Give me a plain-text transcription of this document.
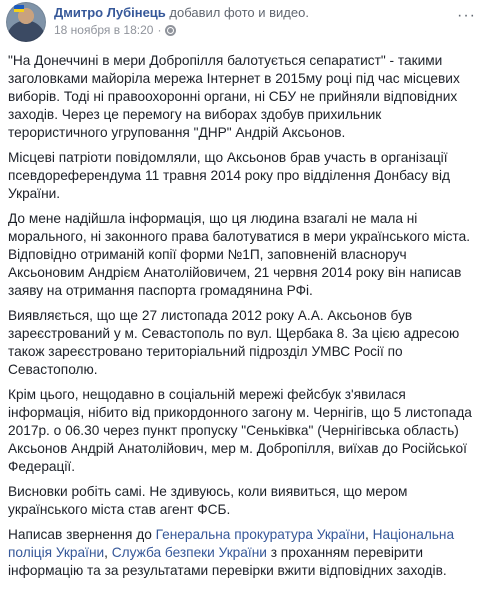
Дмитро Лубінець добавил фото и видео.
18 ноября в 18:20 ·
···

"На Донеччині в мери Добропілля балотується сепаратист" - такими заголовками майоріла мережа Інтернет в 2015му році під час місцевих виборів. Тоді ні правоохоронні органи, ні СБУ не прийняли відповідних заходів. Через це перемогу на виборах здобув прихильник терористичного угруповання "ДНР" Андрій Аксьонов.

Місцеві патріоти повідомляли, що Аксьонов брав участь в організації псевдореферендума 11 травня 2014 року про відділення Донбасу від України.

До мене надійшла інформація, що ця людина взагалі не мала ні морального, ні законного права балотуватися в мери українського міста. Відповідно отриманій копії форми №1П, заповненій власноруч Аксьоновим Андрієм Анатолійовичем, 21 червня 2014 року він написав заяву на отримання паспорта громадянина РФі.

Виявляється, що ще 27 листопада 2012 року А.А. Аксьонов був зареєстрований у м. Севастополь по вул. Щербака 8. За цією адресою також зареєстровано територіальний підрозділ УМВС Росії по Севастополю.

Крім цього, нещодавно в соціальній мережі фейсбук з'явилася інформація, нібито від прикордонного загону м. Чернігів, що 5 листопада 2017р. о 06.30 через пункт пропуску "Сеньківка" (Чернігівська область) Аксьонов Андрій Анатолійович, мер м. Добропілля, виїхав до Російської Федерації.

Висновки робіть самі. Не здивуюсь, коли виявиться, що мером українського міста став агент ФСБ.

Написав звернення до Генеральна прокуратура України, Національна поліція України, Служба безпеки України з проханням перевірити інформацію та за результатами перевірки вжити відповідних заходів.
